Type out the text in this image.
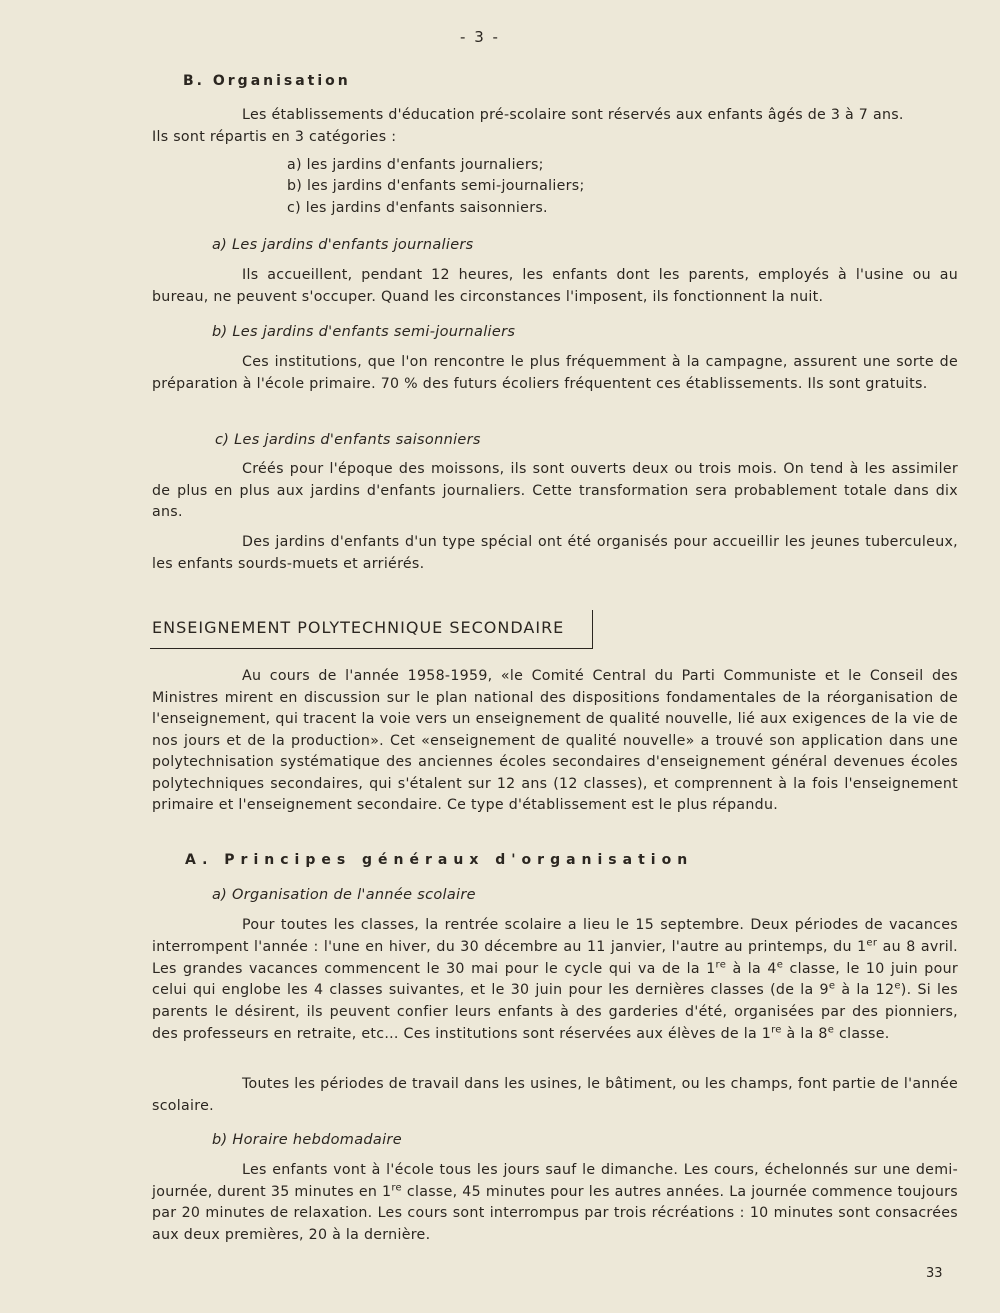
- 3 -
B. Organisation
Les établissements d'éducation pré-scolaire sont réservés aux enfants âgés de 3 à 7 ans.
Ils sont répartis en 3 catégories :
a) les jardins d'enfants journaliers;
b) les jardins d'enfants semi-journaliers;
c) les jardins d'enfants saisonniers.
a) Les jardins d'enfants journaliers
Ils accueillent, pendant 12 heures, les enfants dont les parents, employés à l'usine ou au bureau, ne peuvent s'occuper. Quand les circonstances l'imposent, ils fonctionnent la nuit.
b) Les jardins d'enfants semi-journaliers
Ces institutions, que l'on rencontre le plus fréquemment à la campagne, assurent une sorte de préparation à l'école primaire. 70 % des futurs écoliers fréquentent ces établissements. Ils sont gratuits.
c) Les jardins d'enfants saisonniers
Créés pour l'époque des moissons, ils sont ouverts deux ou trois mois. On tend à les assimiler de plus en plus aux jardins d'enfants journaliers. Cette transformation sera probablement totale dans dix ans.
Des jardins d'enfants d'un type spécial ont été organisés pour accueillir les jeunes tuberculeux, les enfants sourds-muets et arriérés.
ENSEIGNEMENT POLYTECHNIQUE SECONDAIRE
Au cours de l'année 1958-1959, «le Comité Central du Parti Communiste et le Conseil des Ministres mirent en discussion sur le plan national des dispositions fondamentales de la réorganisation de l'enseignement, qui tracent la voie vers un enseignement de qualité nouvelle, lié aux exigences de la vie de nos jours et de la production». Cet «enseignement de qualité nouvelle» a trouvé son application dans une polytechnisation systématique des anciennes écoles secondaires d'enseignement général devenues écoles polytechniques secondaires, qui s'étalent sur 12 ans (12 classes), et comprennent à la fois l'enseignement primaire et l'enseignement secondaire. Ce type d'établissement est le plus répandu.
A. Principes généraux d'organisation
a) Organisation de l'année scolaire
Pour toutes les classes, la rentrée scolaire a lieu le 15 septembre. Deux périodes de vacances interrompent l'année : l'une en hiver, du 30 décembre au 11 janvier, l'autre au printemps, du 1er au 8 avril. Les grandes vacances commencent le 30 mai pour le cycle qui va de la 1re à la 4e classe, le 10 juin pour celui qui englobe les 4 classes suivantes, et le 30 juin pour les dernières classes (de la 9e à la 12e). Si les parents le désirent, ils peuvent confier leurs enfants à des garderies d'été, organisées par des pionniers, des professeurs en retraite, etc... Ces institutions sont réservées aux élèves de la 1re à la 8e classe.
Toutes les périodes de travail dans les usines, le bâtiment, ou les champs, font partie de l'année scolaire.
b) Horaire hebdomadaire
Les enfants vont à l'école tous les jours sauf le dimanche. Les cours, échelonnés sur une demi-journée, durent 35 minutes en 1re classe, 45 minutes pour les autres années. La journée commence toujours par 20 minutes de relaxation. Les cours sont interrompus par trois récréations : 10 minutes sont consacrées aux deux premières, 20 à la dernière.
33
